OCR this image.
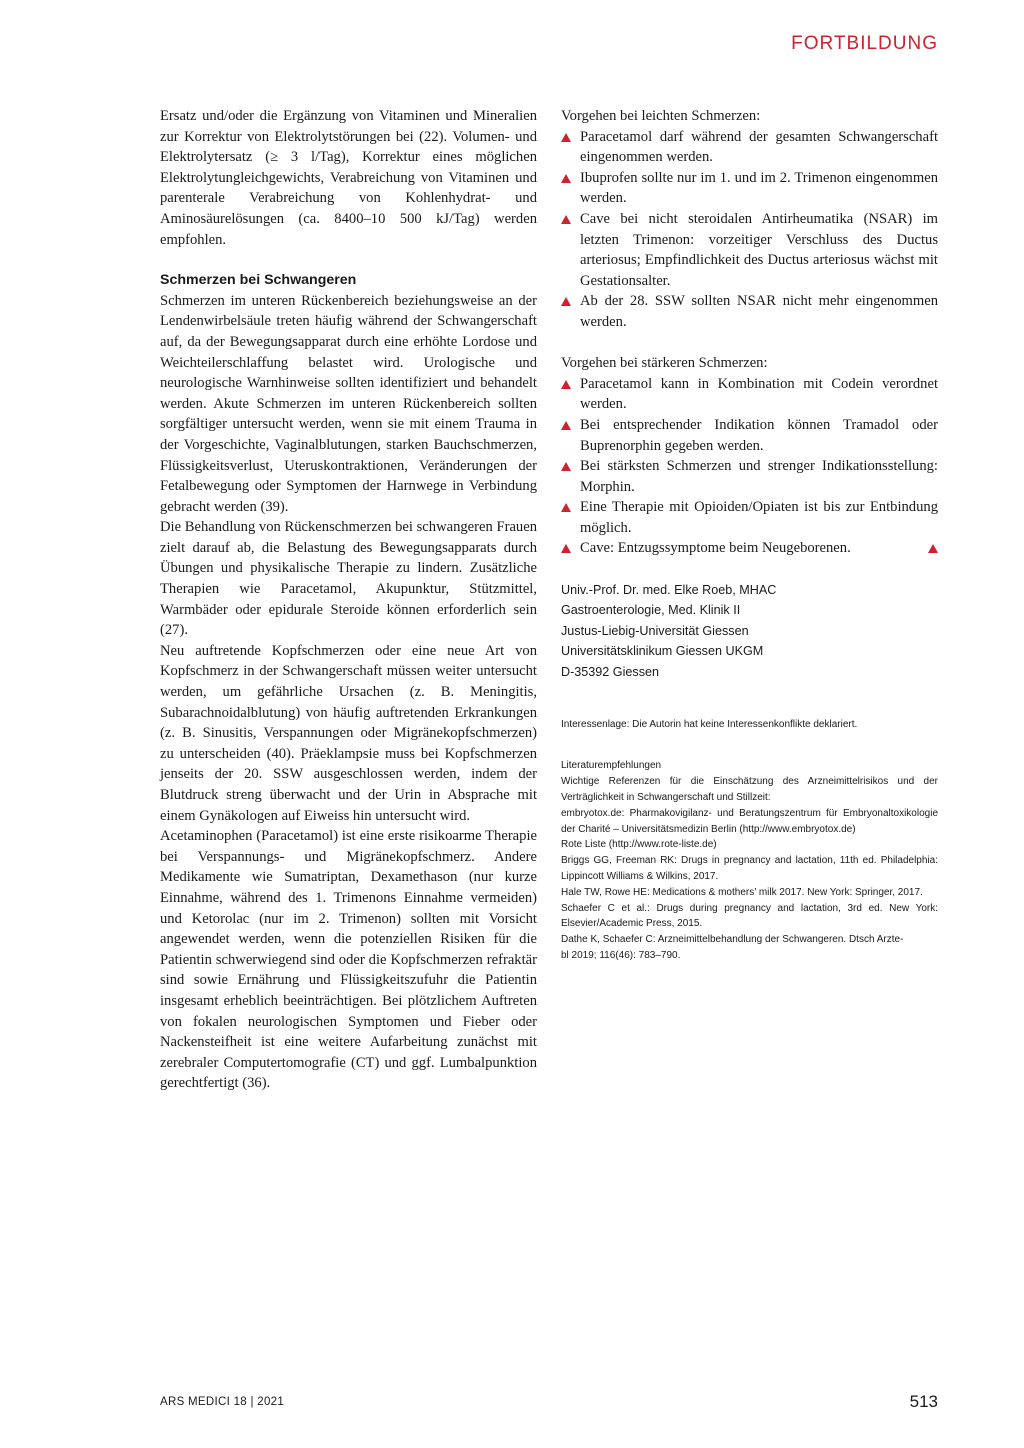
FORTBILDUNG

Ersatz und/oder die Ergänzung von Vitaminen und Mineralien zur Korrektur von Elektrolytstörungen bei (22). Volumen- und Elektrolytersatz (≥ 3 l/Tag), Korrektur eines möglichen Elektrolytungleichgewichts, Verabreichung von Vitaminen und parenterale Verabreichung von Kohlenhydrat- und Aminosäurelösungen (ca. 8400–10 500 kJ/Tag) werden empfohlen.

Schmerzen bei Schwangeren

Schmerzen im unteren Rückenbereich beziehungsweise an der Lendenwirbelsäule treten häufig während der Schwangerschaft auf, da der Bewegungsapparat durch eine erhöhte Lordose und Weichteilerschlaffung belastet wird. Urologische und neurologische Warnhinweise sollten identifiziert und behandelt werden. Akute Schmerzen im unteren Rückenbereich sollten sorgfältiger untersucht werden, wenn sie mit einem Trauma in der Vorgeschichte, Vaginalblutungen, starken Bauchschmerzen, Flüssigkeitsverlust, Uteruskontraktionen, Veränderungen der Fetalbewegung oder Symptomen der Harnwege in Verbindung gebracht werden (39).

Die Behandlung von Rückenschmerzen bei schwangeren Frauen zielt darauf ab, die Belastung des Bewegungsapparats durch Übungen und physikalische Therapie zu lindern. Zusätzliche Therapien wie Paracetamol, Akupunktur, Stützmittel, Warmbäder oder epidurale Steroide können erforderlich sein (27).

Neu auftretende Kopfschmerzen oder eine neue Art von Kopfschmerz in der Schwangerschaft müssen weiter untersucht werden, um gefährliche Ursachen (z. B. Meningitis, Subarachnoidalblutung) von häufig auftretenden Erkrankungen (z. B. Sinusitis, Verspannungen oder Migränekopfschmerzen) zu unterscheiden (40). Präeklampsie muss bei Kopfschmerzen jenseits der 20. SSW ausgeschlossen werden, indem der Blutdruck streng überwacht und der Urin in Absprache mit einem Gynäkologen auf Eiweiss hin untersucht wird.

Acetaminophen (Paracetamol) ist eine erste risikoarme Therapie bei Verspannungs- und Migränekopfschmerz. Andere Medikamente wie Sumatriptan, Dexamethason (nur kurze Einnahme, während des 1. Trimenons Einnahme vermeiden) und Ketorolac (nur im 2. Trimenon) sollten mit Vorsicht angewendet werden, wenn die potenziellen Risiken für die Patientin schwerwiegend sind oder die Kopfschmerzen refraktär sind sowie Ernährung und Flüssigkeitszufuhr die Patientin insgesamt erheblich beeinträchtigen. Bei plötzlichem Auftreten von fokalen neurologischen Symptomen und Fieber oder Nackensteifheit ist eine weitere Aufarbeitung zunächst mit zerebraler Computertomografie (CT) und ggf. Lumbalpunktion gerechtfertigt (36).

Vorgehen bei leichten Schmerzen:

Paracetamol darf während der gesamten Schwangerschaft eingenommen werden.
Ibuprofen sollte nur im 1. und im 2. Trimenon eingenommen werden.
Cave bei nicht steroidalen Antirheumatika (NSAR) im letzten Trimenon: vorzeitiger Verschluss des Ductus arteriosus; Empfindlichkeit des Ductus arteriosus wächst mit Gestationsalter.
Ab der 28. SSW sollten NSAR nicht mehr eingenommen werden.

Vorgehen bei stärkeren Schmerzen:

Paracetamol kann in Kombination mit Codein verordnet werden.
Bei entsprechender Indikation können Tramadol oder Buprenorphin gegeben werden.
Bei stärksten Schmerzen und strenger Indikationsstellung: Morphin.
Eine Therapie mit Opioiden/Opiaten ist bis zur Entbindung möglich.
Cave: Entzugssymptome beim Neugeborenen.

Univ.-Prof. Dr. med. Elke Roeb, MHAC

Gastroenterologie, Med. Klinik II

Justus-Liebig-Universität Giessen

Universitätsklinikum Giessen UKGM

D-35392 Giessen

Interessenlage: Die Autorin hat keine Interessenkonflikte deklariert.

Literaturempfehlungen

Wichtige Referenzen für die Einschätzung des Arzneimittelrisikos und der Verträglichkeit in Schwangerschaft und Stillzeit:

embryotox.de: Pharmakovigilanz- und Beratungszentrum für Embryonaltoxikologie der Charité – Universitätsmedizin Berlin (http://www.embryotox.de)

Rote Liste (http://www.rote-liste.de)

Briggs GG, Freeman RK: Drugs in pregnancy and lactation, 11th ed. Philadelphia: Lippincott Williams & Wilkins, 2017.

Hale TW, Rowe HE: Medications & mothers’ milk 2017. New York: Springer, 2017.

Schaefer C et al.: Drugs during pregnancy and lactation, 3rd ed. New York: Elsevier/Academic Press, 2015.

Dathe K, Schaefer C: Arzneimittelbehandlung der Schwangeren. Dtsch Arzte-

bl 2019; 116(46): 783–790.

ARS MEDICI 18 | 2021	513
